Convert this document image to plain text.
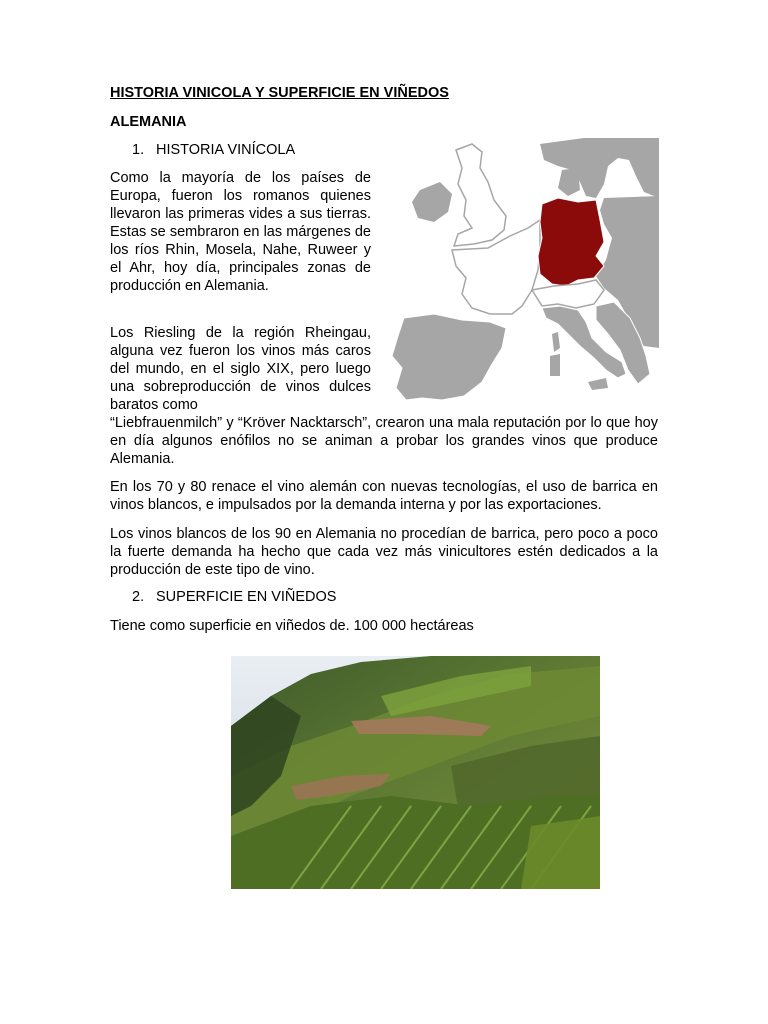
HISTORIA VINICOLA Y SUPERFICIE EN VIÑEDOS
ALEMANIA
1. HISTORIA VINÍCOLA

Como la mayoría de los países de Europa, fueron los romanos quienes llevaron las primeras vides a sus tierras. Estas se sembraron en las márgenes de los ríos Rhin, Mosela, Nahe, Ruweer y el Ahr, hoy día, principales zonas de producción en Alemania.

Los Riesling de la región Rheingau, alguna vez fueron los vinos más caros del mundo, en el siglo XIX, pero luego una sobreproducción de vinos dulces baratos como

“Liebfrauenmilch” y “Kröver Nacktarsch”, crearon una mala reputación por lo que hoy en día algunos enófilos no se animan a probar los grandes vinos que produce Alemania.

En los 70 y 80 renace el vino alemán con nuevas tecnologías, el uso de barrica en vinos blancos, e impulsados por la demanda interna y por las exportaciones.

Los vinos blancos de los 90 en Alemania no procedían de barrica, pero poco a poco la fuerte demanda ha hecho que cada vez más vinicultores estén dedicados a la producción de este tipo de vino.

2. SUPERFICIE EN VIÑEDOS

Tiene como superficie en viñedos de. 100 000 hectáreas
